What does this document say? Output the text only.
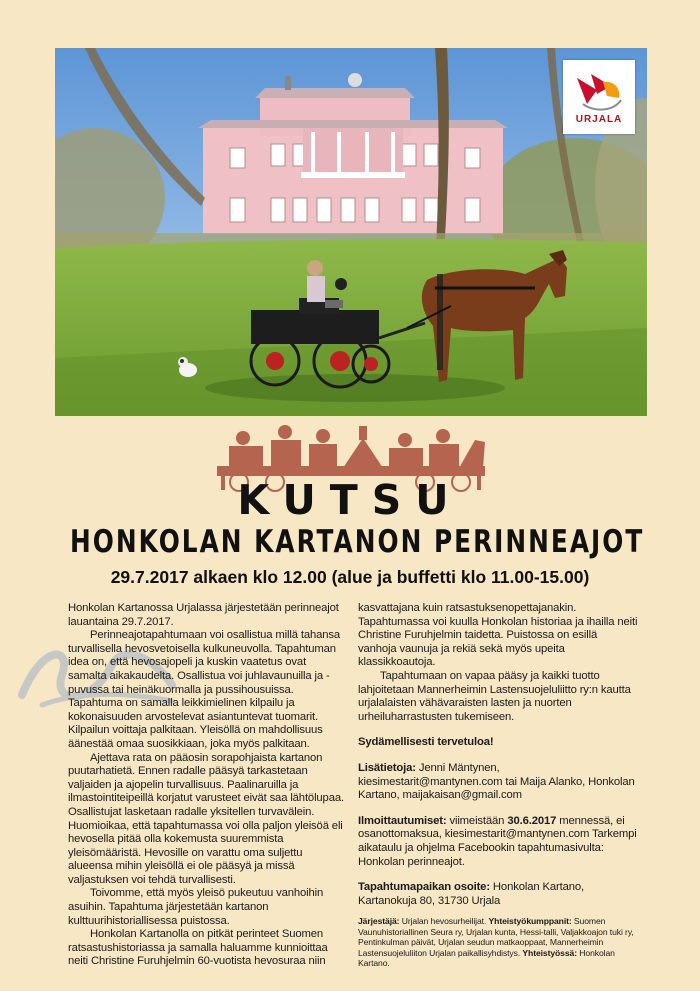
URJALA
KUTSU
HONKOLAN KARTANON PERINNEAJOT
29.7.2017 alkaen klo 12.00 (alue ja buffetti klo 11.00-15.00)

Honkolan Kartanossa Urjalassa järjestetään perinneajot lauantaina 29.7.2017.

Perinneajotapahtumaan voi osallistua millä tahansa turvallisella hevosvetoisella kulkuneuvolla. Tapahtuman idea on, että hevosajopeli ja kuskin vaatetus ovat samalta aikakaudelta. Osallistua voi juhlavaunuilla ja -puvussa tai heinäkuormalla ja pussihousuissa. Tapahtuma on samalla leikkimielinen kilpailu ja kokonaisuuden arvostelevat asiantuntevat tuomarit. Kilpailun voittaja palkitaan. Yleisöllä on mahdollisuus äänestää omaa suosikkiaan, joka myös palkitaan.

Ajettava rata on pääosin sorapohjaista kartanon puutarhatietä. Ennen radalle pääsyä tarkastetaan valjaiden ja ajopelin turvallisuus. Paalinaruilla ja ilmastointiteipeillä korjatut varusteet eivät saa lähtölupaa. Osallistujat lasketaan radalle yksitellen turvavälein. Huomioikaa, että tapahtumassa voi olla paljon yleisöä eli hevosella pitää olla kokemusta suuremmista yleisömääristä. Hevosille on varattu oma suljettu alueensa mihin yleisöllä ei ole pääsyä ja missä valjastuksen voi tehdä turvallisesti.

Toivomme, että myös yleisö pukeutuu vanhoihin asuihin. Tapahtuma järjestetään kartanon kulttuurihistoriallisessa puistossa.

Honkolan Kartanolla on pitkät perinteet Suomen ratsastushistoriassa ja samalla haluamme kunnioittaa neiti Christine Furuhjelmin 60-vuotista hevosuraa niin

kasvattajana kuin ratsastuksenopettajanakin. Tapahtumassa voi kuulla Honkolan historiaa ja ihailla neiti Christine Furuhjelmin taidetta. Puistossa on esillä vanhoja vaunuja ja rekiä sekä myös upeita klassikkoautoja.

Tapahtumaan on vapaa pääsy ja kaikki tuotto lahjoitetaan Mannerheimin Lastensuojeluliitto ry:n kautta urjalalaisten vähävaraisten lasten ja nuorten urheiluharrastusten tukemiseen.

Sydämellisesti tervetuloa!

Lisätietoja: Jenni Mäntynen, kiesimestarit@mantynen.com tai Maija Alanko, Honkolan Kartano, maijakaisan@gmail.com

Ilmoittautumiset: viimeistään 30.6.2017 mennessä, ei osanottomaksua, kiesimestarit@mantynen.com Tarkempi aikataulu ja ohjelma Facebookin tapahtumasivulta: Honkolan perinneajot.

Tapahtumapaikan osoite: Honkolan Kartano, Kartanokuja 80, 31730 Urjala

Järjestäjä: Urjalan hevosurheilijat. Yhteistyökumppanit: Suomen Vaunuhistoriallinen Seura ry, Urjalan kunta, Hessi-talli, Valjakkoajon tuki ry, Pentinkulman päivät, Urjalan seudun matkaoppaat, Mannerheimin Lastensuojeluliiton Urjalan paikallisyhdistys. Yhteistyössä: Honkolan Kartano.
